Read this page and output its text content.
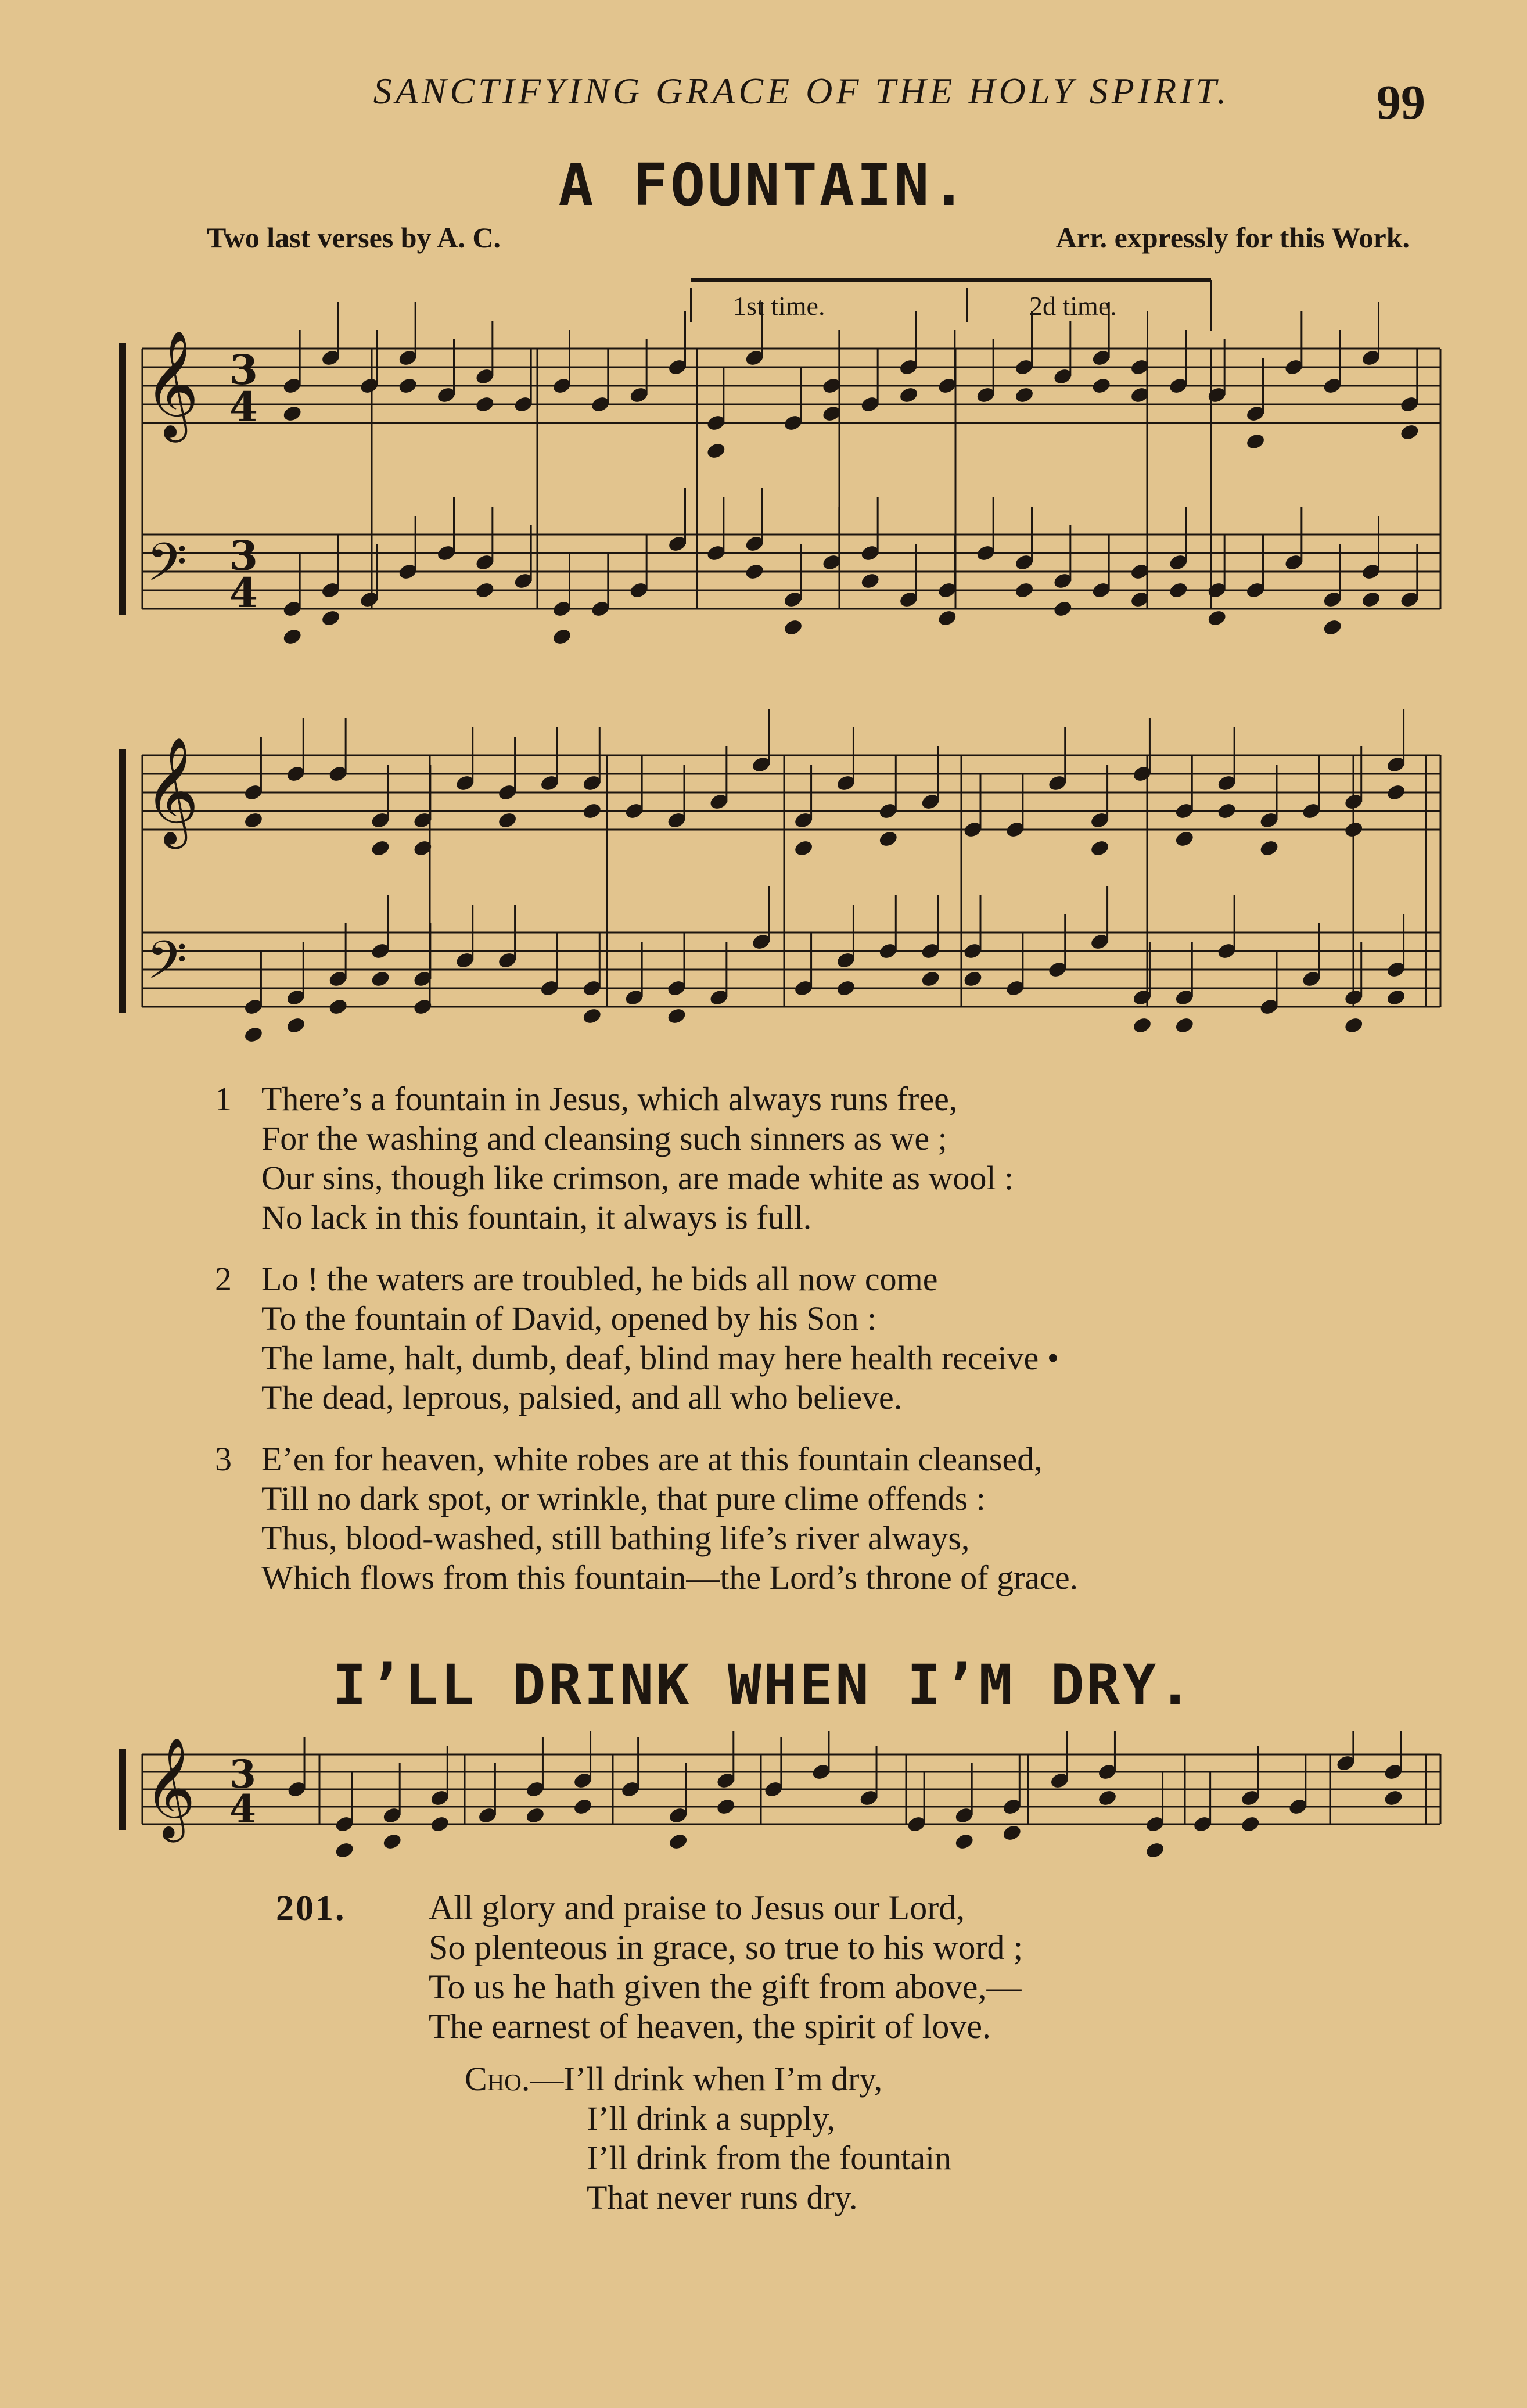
SANCTIFYING GRACE OF THE HOLY SPIRIT.	99
A FOUNTAIN.
Two last verses by A. C.	Arr. expressly for this Work.
1st time.	2d time.
𝄞
𝄢
3
4
3
4
𝄞
𝄢
1 There’s a fountain in Jesus, which always runs free,
For the washing and cleansing such sinners as we ;
Our sins, though like crimson, are made white as wool :
No lack in this fountain, it always is full.
2 Lo ! the waters are troubled, he bids all now come
To the fountain of David, opened by his Son :
The lame, halt, dumb, deaf, blind may here health receive •
The dead, leprous, palsied, and all who believe.
3 E’en for heaven, white robes are at this fountain cleansed,
Till no dark spot, or wrinkle, that pure clime offends :
Thus, blood-washed, still bathing life’s river always,
Which flows from this fountain—the Lord’s throne of grace.
I’LL DRINK WHEN I’M DRY.
𝄞 3
4
201. All glory and praise to Jesus our Lord,
So plenteous in grace, so true to his word ;
To us he hath given the gift from above,—
The earnest of heaven, the spirit of love.
Cho.—I’ll drink when I’m dry,
I’ll drink a supply,
I’ll drink from the fountain
That never runs dry.
